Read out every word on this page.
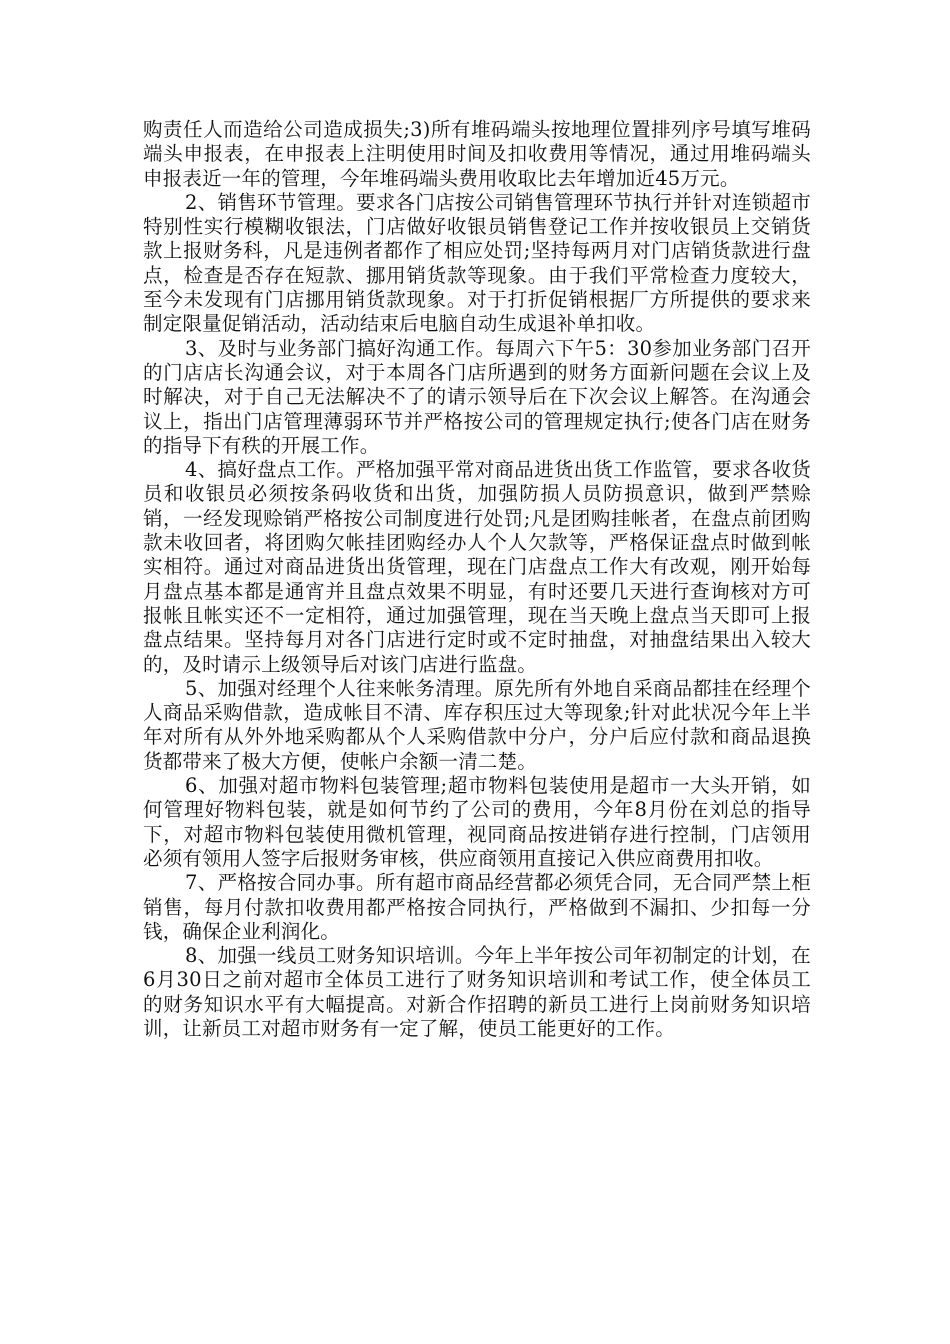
购责任人而造给公司造成损失;3)所有堆码端头按地理位置排列序号填写堆码端头申报表，在申报表上注明使用时间及扣收费用等情况，通过用堆码端头申报表近一年的管理，今年堆码端头费用收取比去年增加近45万元。

2、销售环节管理。要求各门店按公司销售管理环节执行并针对连锁超市特别性实行模糊收银法，门店做好收银员销售登记工作并按收银员上交销货款上报财务科，凡是违例者都作了相应处罚;坚持每两月对门店销货款进行盘点，检查是否存在短款、挪用销货款等现象。由于我们平常检查力度较大，至今未发现有门店挪用销货款现象。对于打折促销根据厂方所提供的要求来制定限量促销活动，活动结束后电脑自动生成退补单扣收。

3、及时与业务部门搞好沟通工作。每周六下午5：30参加业务部门召开的门店店长沟通会议，对于本周各门店所遇到的财务方面新问题在会议上及时解决，对于自己无法解决不了的请示领导后在下次会议上解答。在沟通会议上，指出门店管理薄弱环节并严格按公司的管理规定执行;使各门店在财务的指导下有秩的开展工作。

4、搞好盘点工作。严格加强平常对商品进货出货工作监管，要求各收货员和收银员必须按条码收货和出货，加强防损人员防损意识，做到严禁赊销，一经发现赊销严格按公司制度进行处罚;凡是团购挂帐者，在盘点前团购款未收回者，将团购欠帐挂团购经办人个人欠款等，严格保证盘点时做到帐实相符。通过对商品进货出货管理，现在门店盘点工作大有改观，刚开始每月盘点基本都是通宵并且盘点效果不明显，有时还要几天进行查询核对方可报帐且帐实还不一定相符，通过加强管理，现在当天晚上盘点当天即可上报盘点结果。坚持每月对各门店进行定时或不定时抽盘，对抽盘结果出入较大的，及时请示上级领导后对该门店进行监盘。

5、加强对经理个人往来帐务清理。原先所有外地自采商品都挂在经理个人商品采购借款，造成帐目不清、库存积压过大等现象;针对此状况今年上半年对所有从外外地采购都从个人采购借款中分户，分户后应付款和商品退换货都带来了极大方便，使帐户余额一清二楚。

6、加强对超市物料包装管理;超市物料包装使用是超市一大头开销，如何管理好物料包装，就是如何节约了公司的费用，今年8月份在刘总的指导下，对超市物料包装使用微机管理，视同商品按进销存进行控制，门店领用必须有领用人签字后报财务审核，供应商领用直接记入供应商费用扣收。

7、严格按合同办事。所有超市商品经营都必须凭合同，无合同严禁上柜销售，每月付款扣收费用都严格按合同执行，严格做到不漏扣、少扣每一分钱，确保企业利润化。

8、加强一线员工财务知识培训。今年上半年按公司年初制定的计划，在6月30日之前对超市全体员工进行了财务知识培训和考试工作，使全体员工的财务知识水平有大幅提高。对新合作招聘的新员工进行上岗前财务知识培训，让新员工对超市财务有一定了解，使员工能更好的工作。
